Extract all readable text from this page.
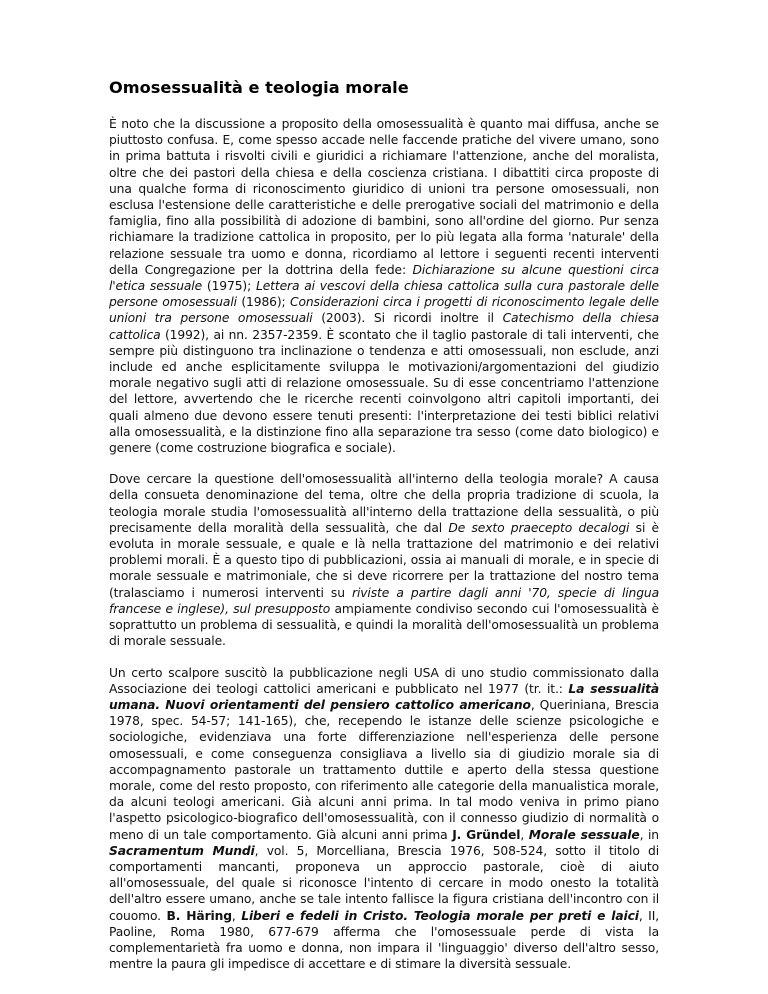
Omosessualità e teologia morale

È noto che la discussione a proposito della omosessualità è quanto mai diffusa, anche se piuttosto confusa. E, come spesso accade nelle faccende pratiche del vivere umano, sono in prima battuta i risvolti civili e giuridici a richiamare l'attenzione, anche del moralista, oltre che dei pastori della chiesa e della coscienza cristiana. I dibattiti circa proposte di una qualche forma di riconoscimento giuridico di unioni tra persone omosessuali, non esclusa l'estensione delle caratteristiche e delle prerogative sociali del matrimonio e della famiglia, fino alla possibilità di adozione di bambini, sono all'ordine del giorno. Pur senza richiamare la tradizione cattolica in proposito, per lo più legata alla forma 'naturale' della relazione sessuale tra uomo e donna, ricordiamo al lettore i seguenti recenti interventi della Congregazione per la dottrina della fede: Dichiarazione su alcune questioni circa l'etica sessuale (1975); Lettera ai vescovi della chiesa cattolica sulla cura pastorale delle persone omosessuali (1986); Considerazioni circa i progetti di riconoscimento legale delle unioni tra persone omosessuali (2003). Si ricordi inoltre il Catechismo della chiesa cattolica (1992), ai nn. 2357-2359. È scontato che il taglio pastorale di tali interventi, che sempre più distinguono tra inclinazione o tendenza e atti omosessuali, non esclude, anzi include ed anche esplicitamente sviluppa le motivazioni/argomentazioni del giudizio morale negativo sugli atti di relazione omosessuale. Su di esse concentriamo l'attenzione del lettore, avvertendo che le ricerche recenti coinvolgono altri capitoli importanti, dei quali almeno due devono essere tenuti presenti: l'interpretazione dei testi biblici relativi alla omosessualità, e la distinzione fino alla separazione tra sesso (come dato biologico) e genere (come costruzione biografica e sociale).

Dove cercare la questione dell'omosessualità all'interno della teologia morale? A causa della consueta denominazione del tema, oltre che della propria tradizione di scuola, la teologia morale studia l'omosessualità all'interno della trattazione della sessualità, o più precisamente della moralità della sessualità, che dal De sexto praecepto decalogi si è evoluta in morale sessuale, e quale e là nella trattazione del matrimonio e dei relativi problemi morali. È a questo tipo di pubblicazioni, ossia ai manuali di morale, e in specie di morale sessuale e matrimoniale, che si deve ricorrere per la trattazione del nostro tema (tralasciamo i numerosi interventi su riviste a partire dagli anni '70, specie di lingua francese e inglese), sul presupposto ampiamente condiviso secondo cui l'omosessualità è soprattutto un problema di sessualità, e quindi la moralità dell'omosessualità un problema di morale sessuale.

Un certo scalpore suscitò la pubblicazione negli USA di uno studio commissionato dalla Associazione dei teologi cattolici americani e pubblicato nel 1977 (tr. it.: La sessualità umana. Nuovi orientamenti del pensiero cattolico americano, Queriniana, Brescia 1978, spec. 54-57; 141-165), che, recependo le istanze delle scienze psicologiche e sociologiche, evidenziava una forte differenziazione nell'esperienza delle persone omosessuali, e come conseguenza consigliava a livello sia di giudizio morale sia di accompagnamento pastorale un trattamento duttile e aperto della stessa questione morale, come del resto proposto, con riferimento alle categorie della manualistica morale, da alcuni teologi americani. Già alcuni anni prima. In tal modo veniva in primo piano l'aspetto psicologico-biografico dell'omosessualità, con il connesso giudizio di normalità o meno di un tale comportamento. Già alcuni anni prima J. Gründel, Morale sessuale, in Sacramentum Mundi, vol. 5, Morcelliana, Brescia 1976, 508-524, sotto il titolo di comportamenti mancanti, proponeva un approccio pastorale, cioè di aiuto all'omosessuale, del quale si riconosce l'intento di cercare in modo onesto la totalità dell'altro essere umano, anche se tale intento fallisce la figura cristiana dell'incontro con il couomo. B. Häring, Liberi e fedeli in Cristo. Teologia morale per preti e laici, II, Paoline, Roma 1980, 677-679 afferma che l'omosessuale perde di vista la complementarietà fra uomo e donna, non impara il 'linguaggio' diverso dell'altro sesso, mentre la paura gli impedisce di accettare e di stimare la diversità sessuale.
